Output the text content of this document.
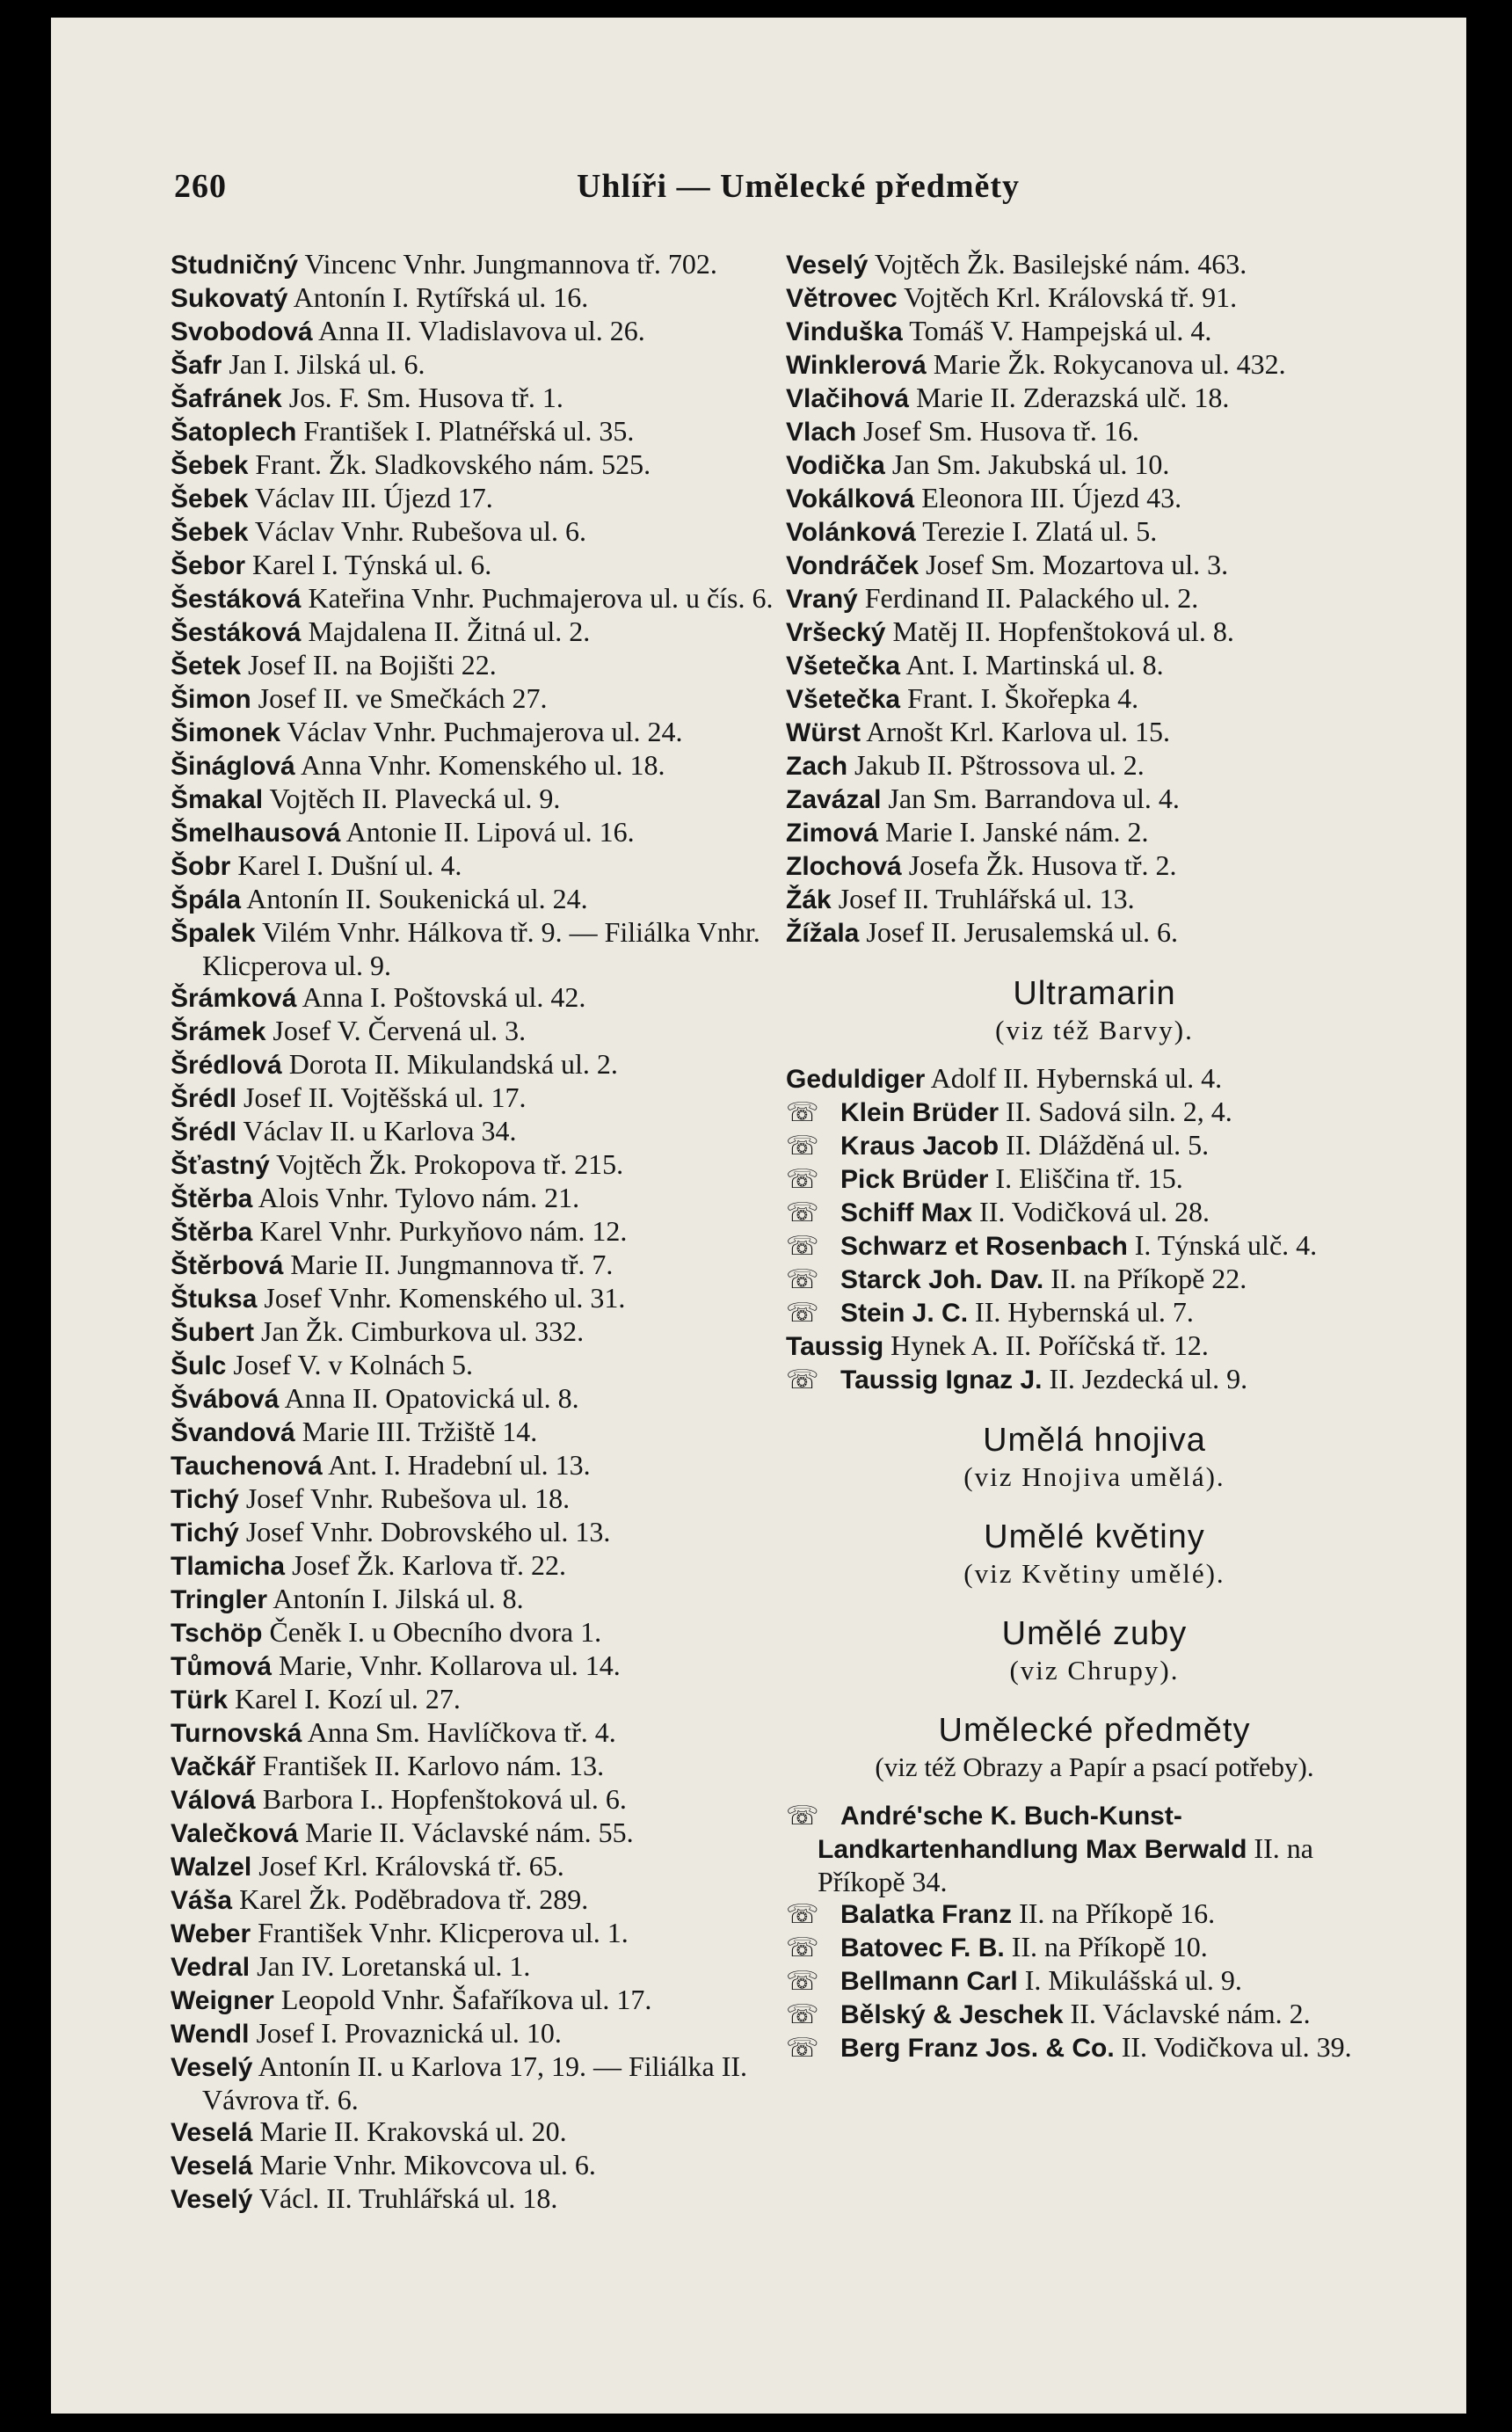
260	Uhlíři — Umělecké předměty
Studničný Vincenc Vnhr. Jungmannova tř. 702.
Sukovatý Antonín I. Rytířská ul. 16.
Svobodová Anna II. Vladislavova ul. 26.
Šafr Jan I. Jilská ul. 6.
Šafránek Jos. F. Sm. Husova tř. 1.
Šatoplech František I. Platnéřská ul. 35.
Šebek Frant. Žk. Sladkovského nám. 525.
Šebek Václav III. Újezd 17.
Šebek Václav Vnhr. Rubešova ul. 6.
Šebor Karel I. Týnská ul. 6.
Šestáková Kateřina Vnhr. Puchmajerova ul. u čís. 6.
Šestáková Majdalena II. Žitná ul. 2.
Šetek Josef II. na Bojišti 22.
Šimon Josef II. ve Smečkách 27.
Šimonek Václav Vnhr. Puchmajerova ul. 24.
Šináglová Anna Vnhr. Komenského ul. 18.
Šmakal Vojtěch II. Plavecká ul. 9.
Šmelhausová Antonie II. Lipová ul. 16.
Šobr Karel I. Dušní ul. 4.
Špála Antonín II. Soukenická ul. 24.
Špalek Vilém Vnhr. Hálkova tř. 9. — Filiálka Vnhr. Klicperova ul. 9.
Šrámková Anna I. Poštovská ul. 42.
Šrámek Josef V. Červená ul. 3.
Šrédlová Dorota II. Mikulandská ul. 2.
Šrédl Josef II. Vojtěšská ul. 17.
Šrédl Václav II. u Karlova 34.
Šťastný Vojtěch Žk. Prokopova tř. 215.
Štěrba Alois Vnhr. Tylovo nám. 21.
Štěrba Karel Vnhr. Purkyňovo nám. 12.
Štěrbová Marie II. Jungmannova tř. 7.
Štuksa Josef Vnhr. Komenského ul. 31.
Šubert Jan Žk. Cimburkova ul. 332.
Šulc Josef V. v Kolnách 5.
Švábová Anna II. Opatovická ul. 8.
Švandová Marie III. Tržiště 14.
Tauchenová Ant. I. Hradební ul. 13.
Tichý Josef Vnhr. Rubešova ul. 18.
Tichý Josef Vnhr. Dobrovského ul. 13.
Tlamicha Josef Žk. Karlova tř. 22.
Tringler Antonín I. Jilská ul. 8.
Tschöp Čeněk I. u Obecního dvora 1.
Tůmová Marie, Vnhr. Kollarova ul. 14.
Türk Karel I. Kozí ul. 27.
Turnovská Anna Sm. Havlíčkova tř. 4.
Vačkář František II. Karlovo nám. 13.
Válová Barbora I.. Hopfenštoková ul. 6.
Valečková Marie II. Václavské nám. 55.
Walzel Josef Krl. Královská tř. 65.
Váša Karel Žk. Poděbradova tř. 289.
Weber František Vnhr. Klicperova ul. 1.
Vedral Jan IV. Loretanská ul. 1.
Weigner Leopold Vnhr. Šafaříkova ul. 17.
Wendl Josef I. Provaznická ul. 10.
Veselý Antonín II. u Karlova 17, 19. — Filiálka II. Vávrova tř. 6.
Veselá Marie II. Krakovská ul. 20.
Veselá Marie Vnhr. Mikovcova ul. 6.
Veselý Václ. II. Truhlářská ul. 18.
Veselý Vojtěch Žk. Basilejské nám. 463.
Větrovec Vojtěch Krl. Královská tř. 91.
Vinduška Tomáš V. Hampejská ul. 4.
Winklerová Marie Žk. Rokycanova ul. 432.
Vlačihová Marie II. Zderazská ulč. 18.
Vlach Josef Sm. Husova tř. 16.
Vodička Jan Sm. Jakubská ul. 10.
Vokálková Eleonora III. Újezd 43.
Volánková Terezie I. Zlatá ul. 5.
Vondráček Josef Sm. Mozartova ul. 3.
Vraný Ferdinand II. Palackého ul. 2.
Vršecký Matěj II. Hopfenštoková ul. 8.
Všetečka Ant. I. Martinská ul. 8.
Všetečka Frant. I. Škořepka 4.
Würst Arnošt Krl. Karlova ul. 15.
Zach Jakub II. Pštrossova ul. 2.
Zavázal Jan Sm. Barrandova ul. 4.
Zimová Marie I. Janské nám. 2.
Zlochová Josefa Žk. Husova tř. 2.
Žák Josef II. Truhlářská ul. 13.
Žížala Josef II. Jerusalemská ul. 6.
Ultramarin
(viz též Barvy).
Geduldiger Adolf II. Hybernská ul. 4.
☏ Klein Brüder II. Sadová siln. 2, 4.
☏ Kraus Jacob II. Dlážděná ul. 5.
☏ Pick Brüder I. Eliščina tř. 15.
☏ Schiff Max II. Vodičková ul. 28.
☏ Schwarz et Rosenbach I. Týnská ulč. 4.
☏ Starck Joh. Dav. II. na Příkopě 22.
☏ Stein J. C. II. Hybernská ul. 7.
Taussig Hynek A. II. Poříčská tř. 12.
☏ Taussig Ignaz J. II. Jezdecká ul. 9.
Umělá hnojiva
(viz Hnojiva umělá).
Umělé květiny
(viz Květiny umělé).
Umělé zuby
(viz Chrupy).
Umělecké předměty
(viz též Obrazy a Papír a psací potřeby).
☏ André'sche K. Buch-Kunst-Landkartenhandlung Max Berwald II. na Příkopě 34.
☏ Balatka Franz II. na Příkopě 16.
☏ Batovec F. B. II. na Příkopě 10.
☏ Bellmann Carl I. Mikulášská ul. 9.
☏ Bělský & Jeschek II. Václavské nám. 2.
☏ Berg Franz Jos. & Co. II. Vodičkova ul. 39.
